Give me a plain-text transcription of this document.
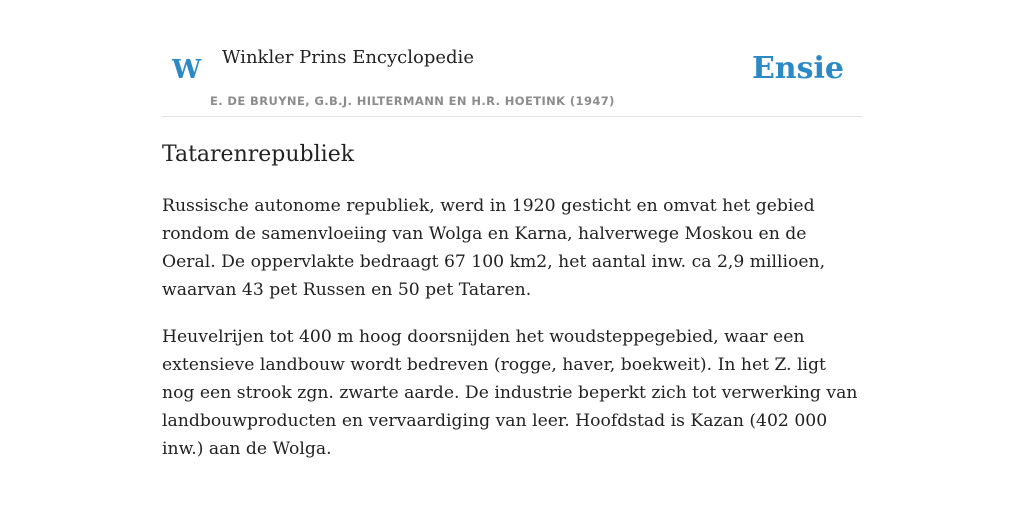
W Winkler Prins Encyclopedie	Ensie
E. DE BRUYNE, G.B.J. HILTERMANN EN H.R. HOETINK (1947)
Tatarenrepubliek

Russische autonome republiek, werd in 1920 gesticht en omvat het gebied rondom de samenvloeiing van Wolga en Karna, halverwege Moskou en de Oeral. De oppervlakte bedraagt 67 100 km2, het aantal inw. ca 2,9 millioen, waarvan 43 pet Russen en 50 pet Tataren.

Heuvelrijen tot 400 m hoog doorsnijden het woudsteppegebied, waar een extensieve landbouw wordt bedreven (rogge, haver, boekweit). In het Z. ligt nog een strook zgn. zwarte aarde. De industrie beperkt zich tot verwerking van landbouwproducten en vervaardiging van leer. Hoofdstad is Kazan (402 000 inw.) aan de Wolga.
